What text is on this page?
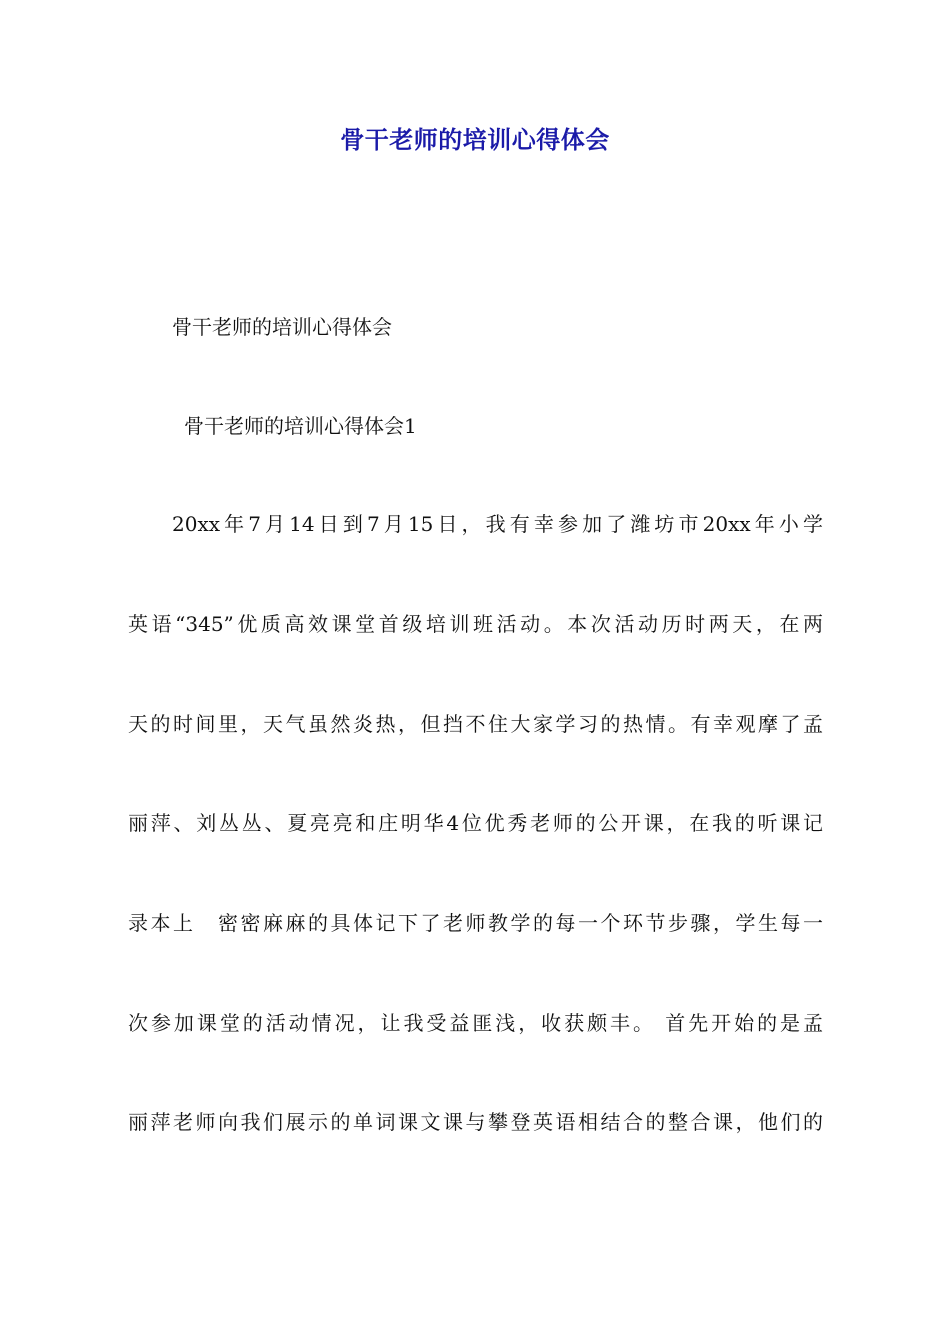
骨干老师的培训心得体会
骨干老师的培训心得体会
骨干老师的培训心得体会1
20xx年7月14日到7月15日，我有幸参加了潍坊市20xx年小学
英语“345”优质高效课堂首级培训班活动。本次活动历时两天，在两
天的时间里，天气虽然炎热，但挡不住大家学习的热情。有幸观摩了孟
丽萍、刘丛丛、夏亮亮和庄明华4位优秀老师的公开课，在我的听课记
录本上　密密麻麻的具体记下了老师教学的每一个环节步骤，学生每一
次参加课堂的活动情况，让我受益匪浅，收获颇丰。 首先开始的是孟
丽萍老师向我们展示的单词课文课与攀登英语相结合的整合课，他们的
